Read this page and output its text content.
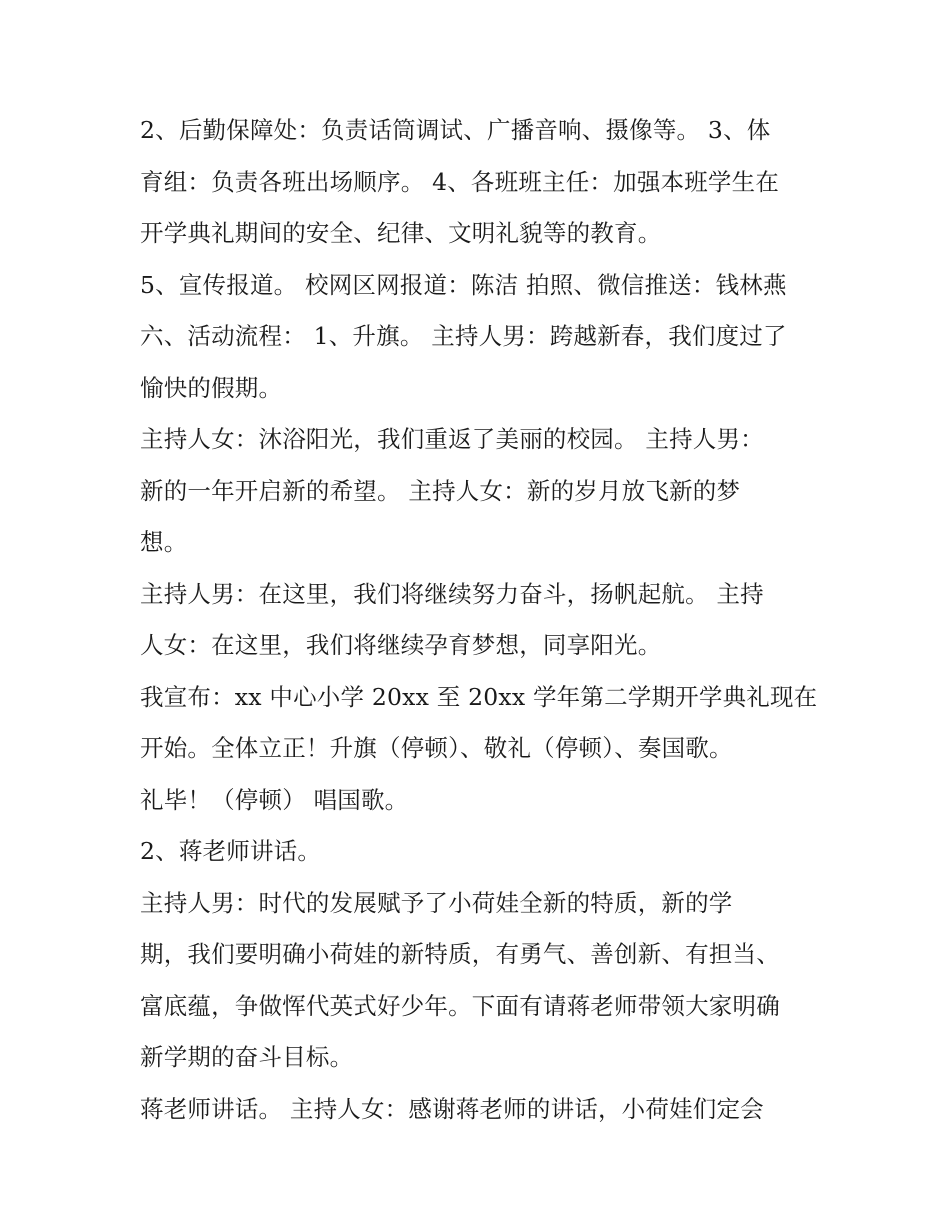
2、后勤保障处：负责话筒调试、广播音响、摄像等。 3、体
育组：负责各班出场顺序。 4、各班班主任：加强本班学生在
开学典礼期间的安全、纪律、文明礼貌等的教育。
5、宣传报道。 校网区网报道：陈洁 拍照、微信推送：钱林燕
六、活动流程： 1、升旗。 主持人男：跨越新春，我们度过了
愉快的假期。
主持人女：沐浴阳光，我们重返了美丽的校园。 主持人男：
新的一年开启新的希望。 主持人女：新的岁月放飞新的梦
想。
主持人男：在这里，我们将继续努力奋斗，扬帆起航。 主持
人女：在这里，我们将继续孕育梦想，同享阳光。
我宣布：xx 中心小学 20xx 至 20xx 学年第二学期开学典礼现在
开始。全体立正！升旗（停顿）、敬礼（停顿）、奏国歌。
礼毕！（停顿） 唱国歌。
2、蒋老师讲话。
主持人男：时代的发展赋予了小荷娃全新的特质，新的学
期，我们要明确小荷娃的新特质，有勇气、善创新、有担当、
富底蕴，争做恽代英式好少年。下面有请蒋老师带领大家明确
新学期的奋斗目标。
蒋老师讲话。 主持人女：感谢蒋老师的讲话，小荷娃们定会
